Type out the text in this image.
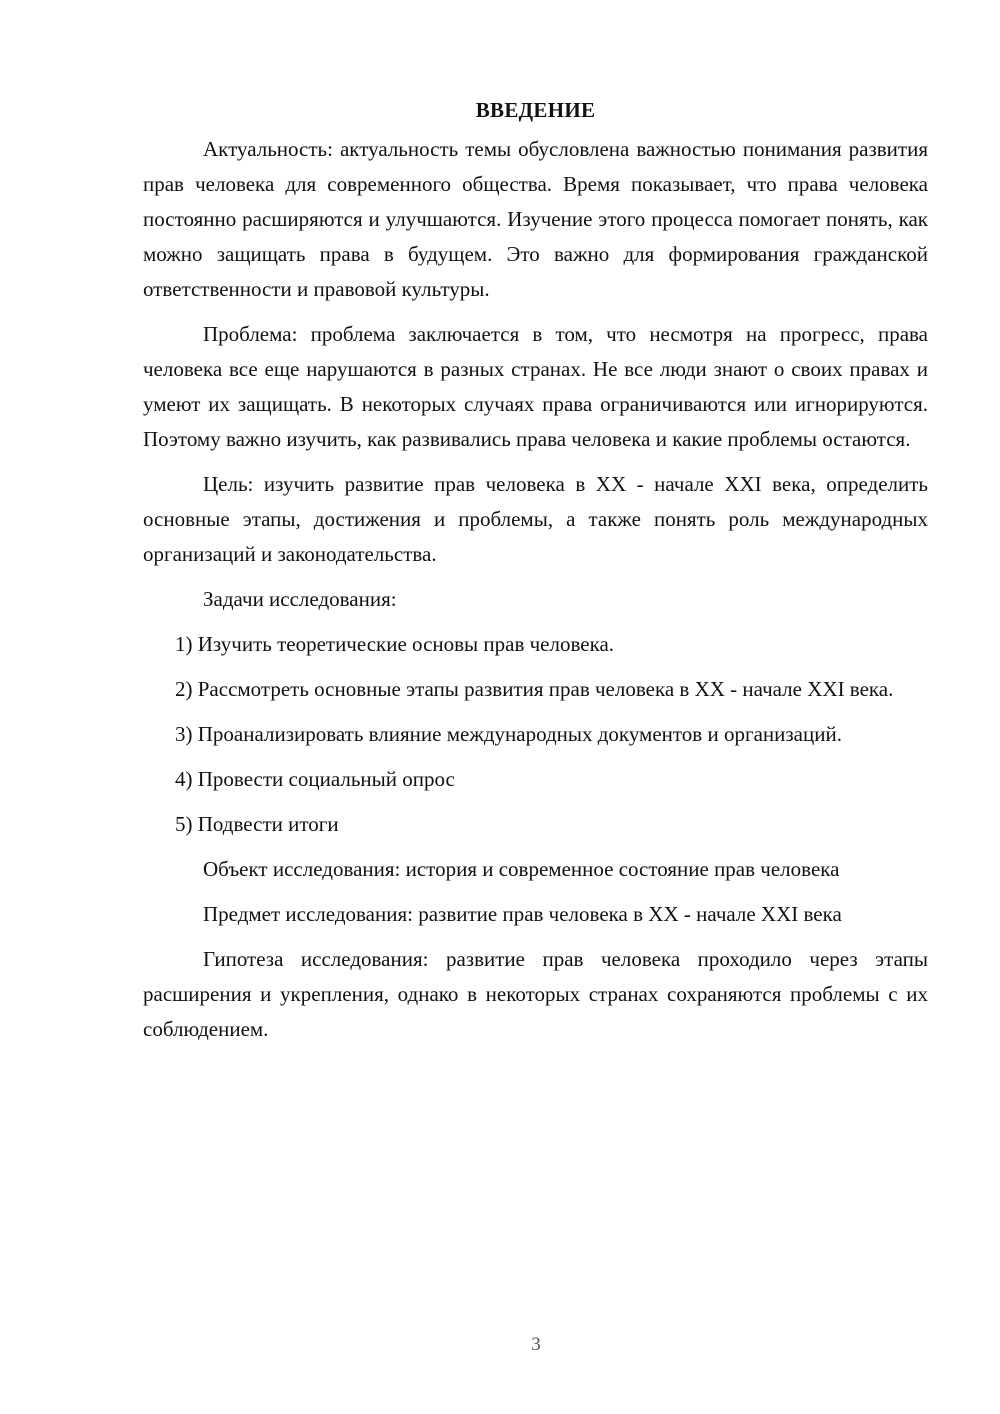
ВВЕДЕНИЕ

Актуальность: актуальность темы обусловлена важностью понимания развития прав человека для современного общества. Время показывает, что права человека постоянно расширяются и улучшаются. Изучение этого процесса помогает понять, как можно защищать права в будущем. Это важно для формирования гражданской ответственности и правовой культуры.

Проблема: проблема заключается в том, что несмотря на прогресс, права человека все еще нарушаются в разных странах. Не все люди знают о своих правах и умеют их защищать. В некоторых случаях права ограничиваются или игнорируются. Поэтому важно изучить, как развивались права человека и какие проблемы остаются.

Цель: изучить развитие прав человека в XX - начале XXI века, определить основные этапы, достижения и проблемы, а также понять роль международных организаций и законодательства.

Задачи исследования:

1) Изучить теоретические основы прав человека.

2) Рассмотреть основные этапы развития прав человека в XX - начале XXI века.

3) Проанализировать влияние международных документов и организаций.

4) Провести социальный опрос

5) Подвести итоги

Объект исследования: история и современное состояние прав человека

Предмет исследования: развитие прав человека в XX - начале XXI века

Гипотеза исследования: развитие прав человека проходило через этапы расширения и укрепления, однако в некоторых странах сохраняются проблемы с их соблюдением.

3
